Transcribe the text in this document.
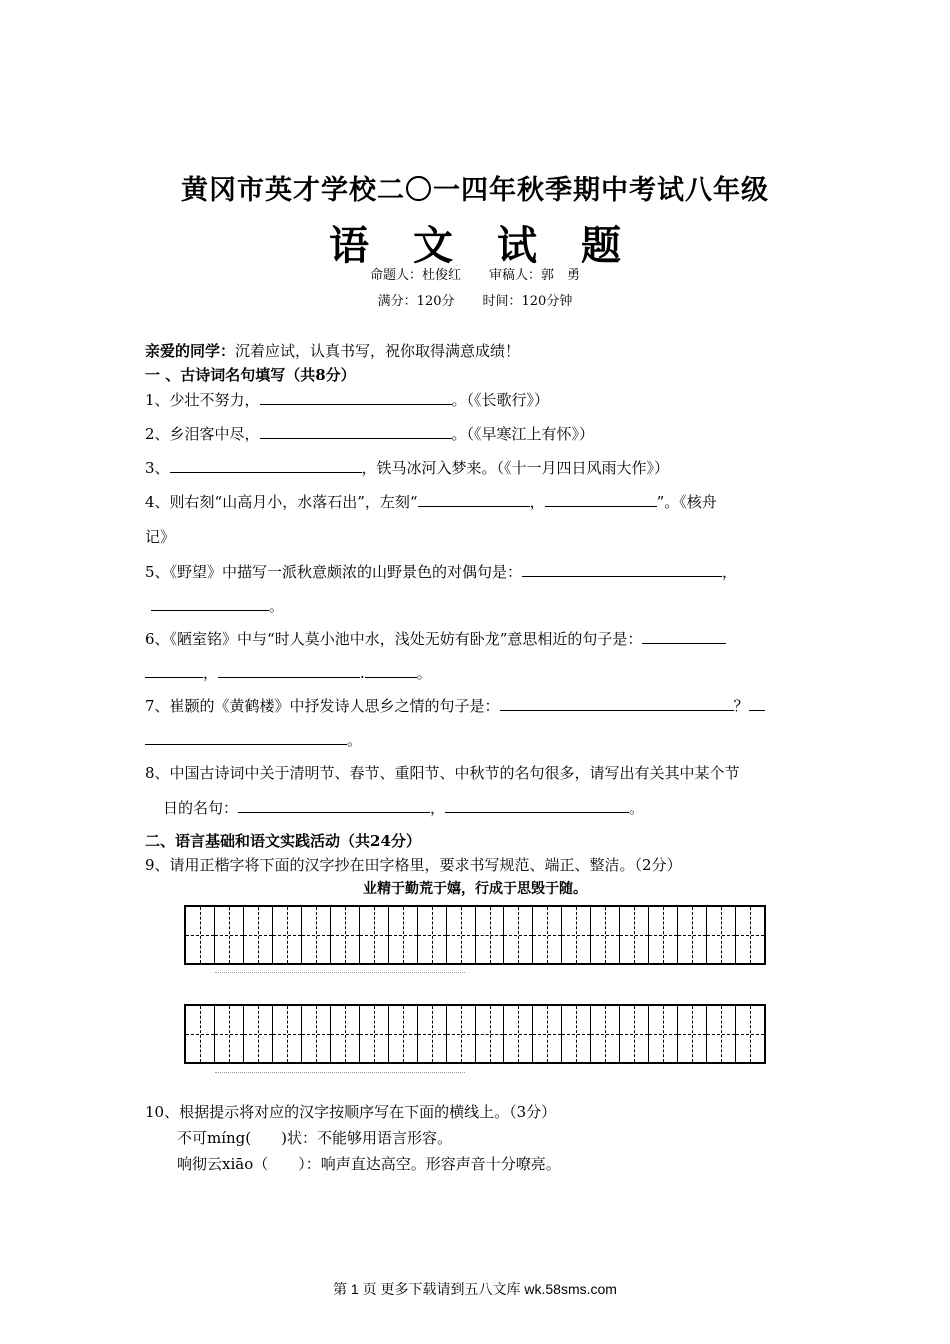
黄冈市英才学校二〇一四年秋季期中考试八年级
语 文 试 题
命题人：杜俊红 审稿人：郭　勇
满分：120分 时间：120分钟
亲爱的同学：沉着应试，认真书写，祝你取得满意成绩！
一 、古诗词名句填写（共8分）
1、少壮不努力，	。（《长歌行》）
2、乡泪客中尽，	。（《早寒江上有怀》）
3、	，铁马冰河入梦来。（《十一月四日风雨大作》）
4、则右刻“山高月小，水落石出”，左刻“	，	”。《核舟
记》
5、《野望》中描写一派秋意颇浓的山野景色的对偶句是：	，
。
6、《陋室铭》中与“时人莫小池中水，浅处无妨有卧龙”意思相近的句子是：
，	.	。
7、崔颢的《黄鹤楼》中抒发诗人思乡之情的句子是：	？
。
8、中国古诗词中关于清明节、春节、重阳节、中秋节的名句很多，请写出有关其中某个节
日的名句：	，	。
二、语言基础和语文实践活动（共24分）
9、请用正楷字将下面的汉字抄在田字格里，要求书写规范、端正、整洁。（2分）
业精于勤荒于嬉，行成于思毁于随。
10、根据提示将对应的汉字按顺序写在下面的横线上。（3分）
不可míng(　　)状：不能够用语言形容。
响彻云xiāo（　　）：响声直达高空。形容声音十分嘹亮。
第 1 页 更多下载请到五八文库 wk.58sms.com
